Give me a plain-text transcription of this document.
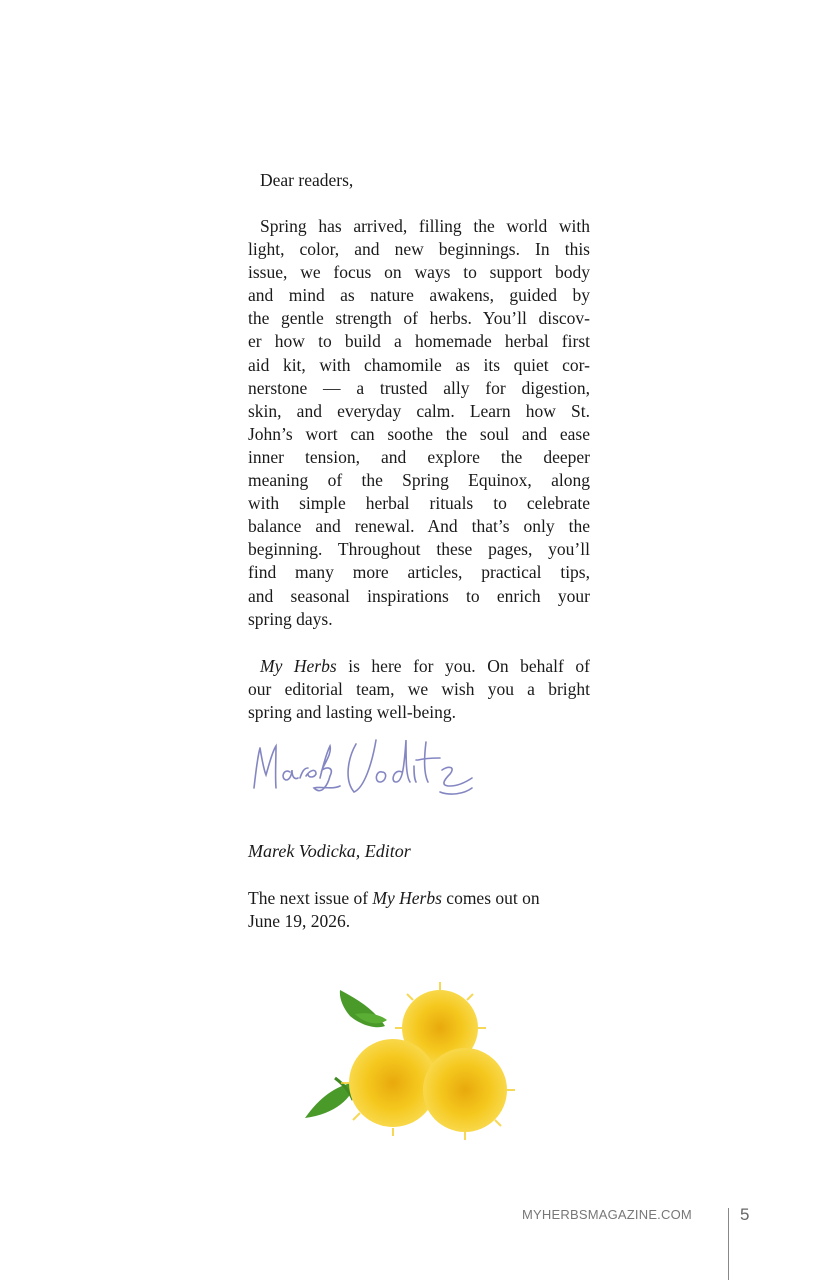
Dear readers,
Spring has arrived, filling the world with
light, color, and new beginnings. In this
issue, we focus on ways to support body
and mind as nature awakens, guided by
the gentle strength of herbs. You’ll discov-
er how to build a homemade herbal first
aid kit, with chamomile as its quiet cor-
nerstone — a trusted ally for digestion,
skin, and everyday calm. Learn how St.
John’s wort can soothe the soul and ease
inner tension, and explore the deeper
meaning of the Spring Equinox, along
with simple herbal rituals to celebrate
balance and renewal. And that’s only the
beginning. Throughout these pages, you’ll
find many more articles, practical tips,
and seasonal inspirations to enrich your
spring days.
My Herbs is here for you. On behalf of
our editorial team, we wish you a bright
spring and lasting well-being.
Marek Vodicka, Editor
The next issue of My Herbs comes out on
June 19, 2026.
MYHERBSMAGAZINE.COM	5
